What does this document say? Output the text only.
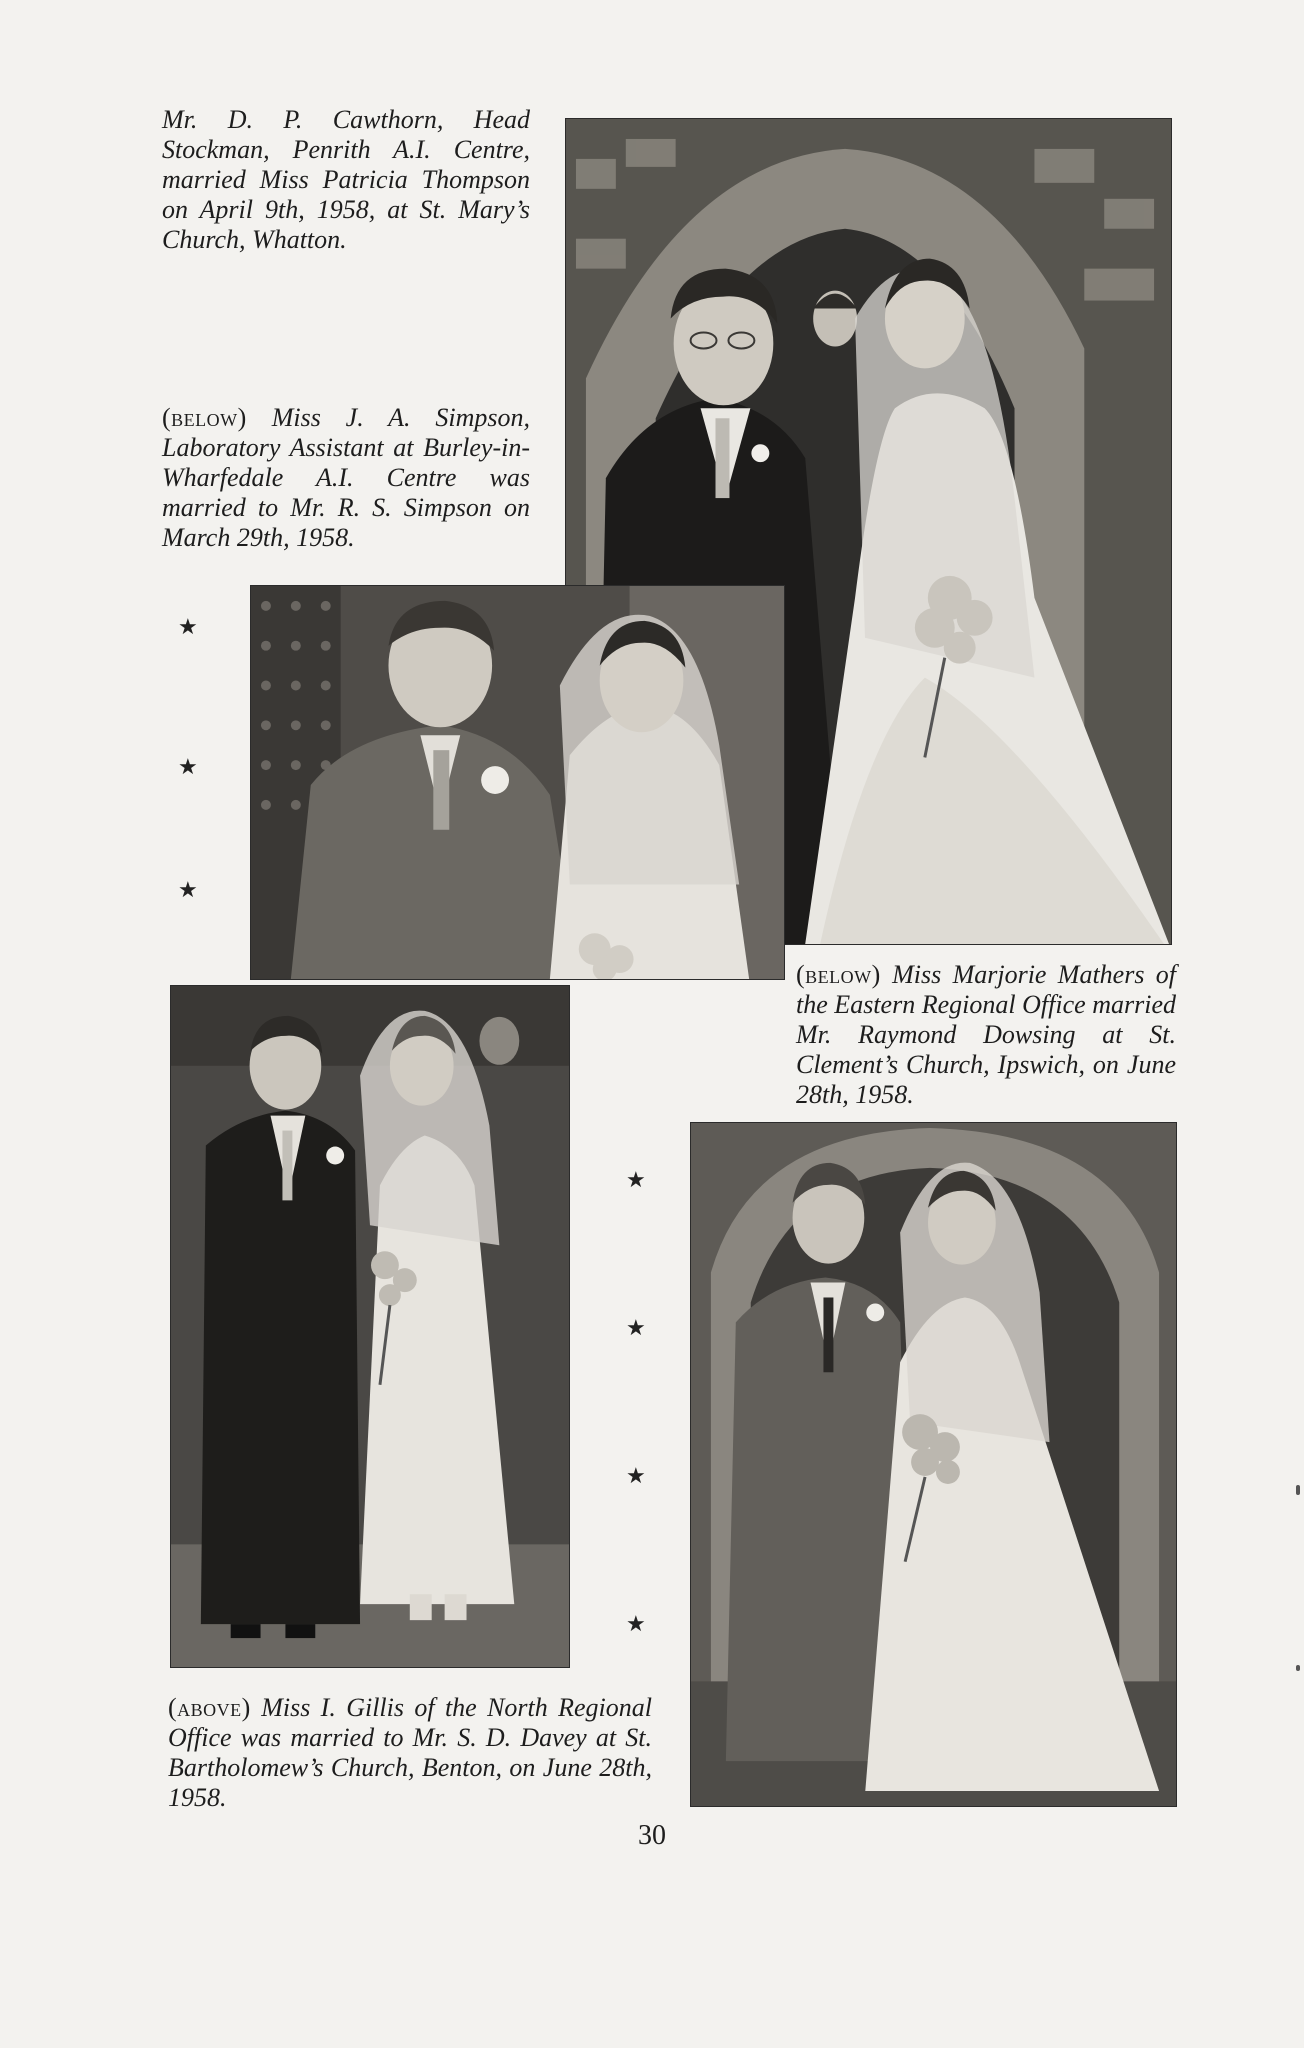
Mr. D. P. Cawthorn, Head Stockman, Penrith A.I. Centre, married Miss Patricia Thompson on April 9th, 1958, at St. Mary’s Church, Whatton.
(below) Miss J. A. Simpson, Laboratory Assistant at Burley-in-Wharfedale A.I. Centre was married to Mr. R. S. Simpson on March 29th, 1958.
(below) Miss Marjorie Mathers of the Eastern Regional Office married Mr. Raymond Dowsing at St. Clement’s Church, Ipswich, on June 28th, 1958.
(above) Miss I. Gillis of the North Regional Office was married to Mr. S. D. Davey at St. Bartholomew’s Church, Benton, on June 28th, 1958.
★
★
★
★
★
★
★
30
